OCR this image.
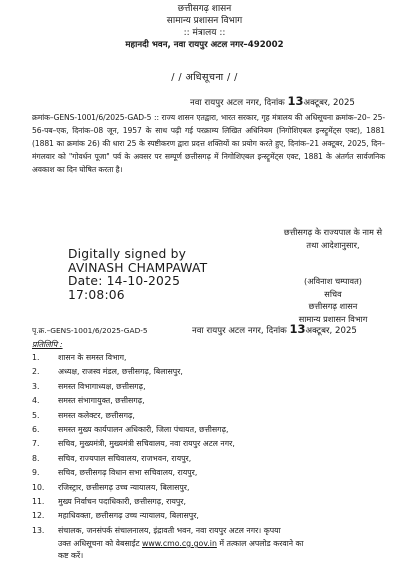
छत्तीसगढ़ शासन
सामान्य प्रशासन विभाग
:: मंत्रालय ::
महानदी भवन, नवा रायपुर अटल नगर–492002
/ / अधिसूचना / /
नवा रायपुर अटल नगर, दिनांक 13अक्टूबर, 2025
क्रमांक–GENS-1001/6/2025-GAD-5 :: राज्य शासन एतद्वारा, भारत सरकार, गृह मंत्रालय की अधिसूचना क्रमांक–20– 25-56-पब–एक, दिनांक–08 जून, 1957 के साथ पढ़ी गई परक्राम्य लिखित अधिनियम (निगोशिएबल इन्स्ट्रूमेंट्स एक्ट), 1881 (1881 का क्रमांक 26) की धारा 25 के स्पष्टीकरण द्वारा प्रदत्त शक्तियों का प्रयोग करते हुए, दिनांक–21 अक्टूबर, 2025, दिन–मंगलवार को "गोवर्धन पूजा" पर्व के अवसर पर सम्पूर्ण छत्तीसगढ़ में निगोशिएबल इन्स्ट्रूमेंट्स एक्ट, 1881 के अंतर्गत सार्वजनिक अवकाश का दिन घोषित करता है।
छत्तीसगढ़ के राज्यपाल के नाम से
तथा आदेशानुसार,
(अविनाश चम्पावत)
सचिव
छत्तीसगढ़ शासन
सामान्य प्रशासन विभाग
Digitally signed by
AVINASH CHAMPAWAT
Date: 14-10-2025
17:08:06
पृ.क्र.–GENS-1001/6/2025-GAD-5	नवा रायपुर अटल नगर, दिनांक 13अक्टूबर, 2025
प्रतिलिपि :
1.	शासन के समस्त विभाग,
2.	अध्यक्ष, राजस्व मंडल, छत्तीसगढ़, बिलासपुर,
3.	समस्त विभागाध्यक्ष, छत्तीसगढ़,
4.	समस्त संभागायुक्त, छत्तीसगढ़,
5.	समस्त कलेक्टर, छत्तीसगढ़,
6.	समस्त मुख्य कार्यपालन अधिकारी, जिला पंचायत, छत्तीसगढ़,
7.	सचिव, मुख्यमंत्री, मुख्यमंत्री सचिवालय, नवा रायपुर अटल नगर,
8.	सचिव, राज्यपाल सचिवालय, राजभवन, रायपुर,
9.	सचिव, छत्तीसगढ़ विधान सभा सचिवालय, रायपुर,
10.	रजिस्ट्रार, छत्तीसगढ़ उच्च न्यायालय, बिलासपुर,
11.	मुख्य निर्वाचन पदाधिकारी, छत्तीसगढ़, रायपुर,
12.	महाधिवक्ता, छत्तीसगढ़ उच्च न्यायालय, बिलासपुर,
13.	संचालक, जनसंपर्क संचालनालय, इंद्रावती भवन, नवा रायपुर अटल नगर। कृपया
उक्त अधिसूचना को वेबसाईट www.cmo.cg.gov.in में तत्काल अपलोड करवाने का
कष्ट करें।
